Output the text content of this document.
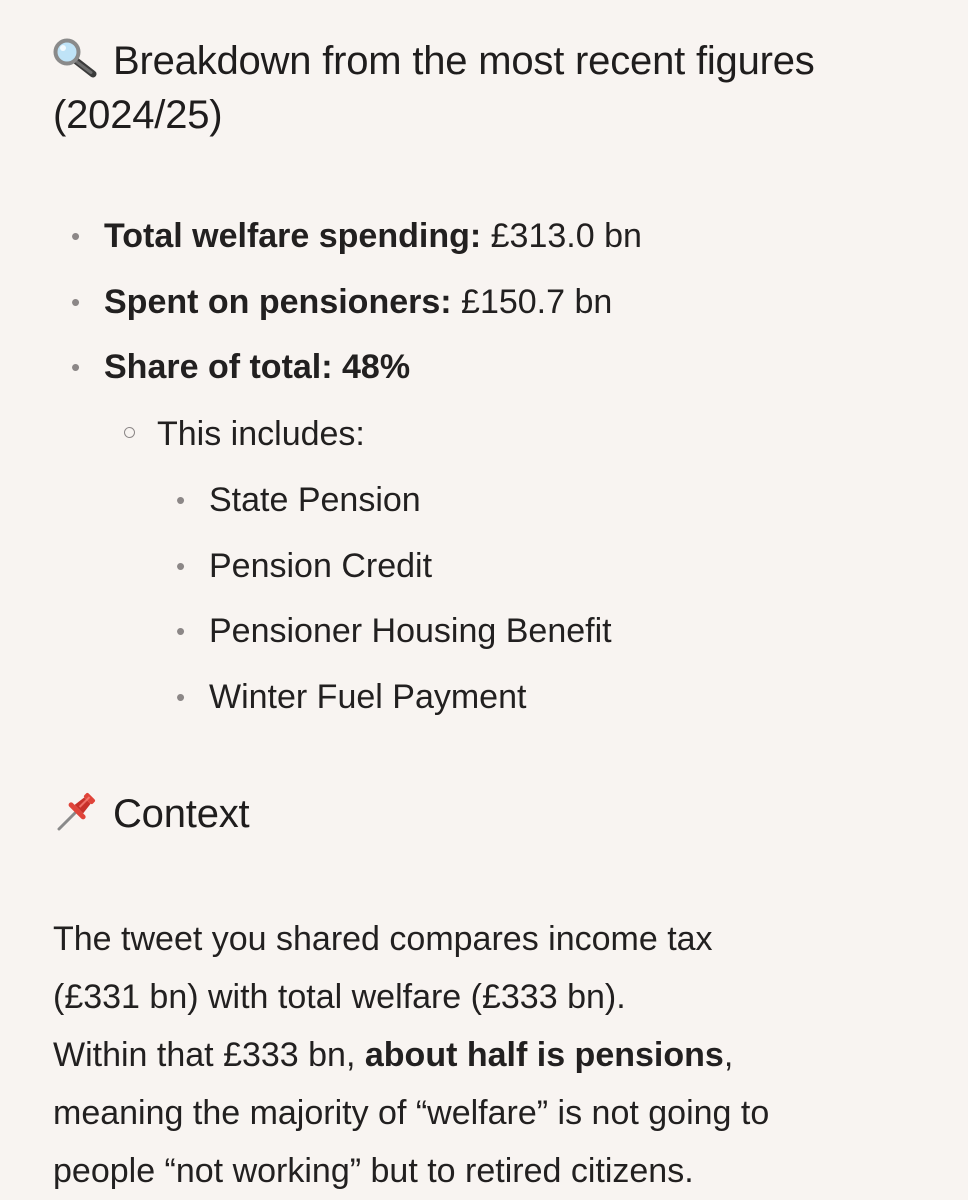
Breakdown from the most recent figures (2024/25)
• Total welfare spending: £313.0 bn
• Spent on pensioners: £150.7 bn
• Share of total: 48%
This includes:
• State Pension
• Pension Credit
• Pensioner Housing Benefit
• Winter Fuel Payment
Context
The tweet you shared compares income tax
(£331 bn) with total welfare (£333 bn).
Within that £333 bn, about half is pensions,
meaning the majority of “welfare” is not going to
people “not working” but to retired citizens.
